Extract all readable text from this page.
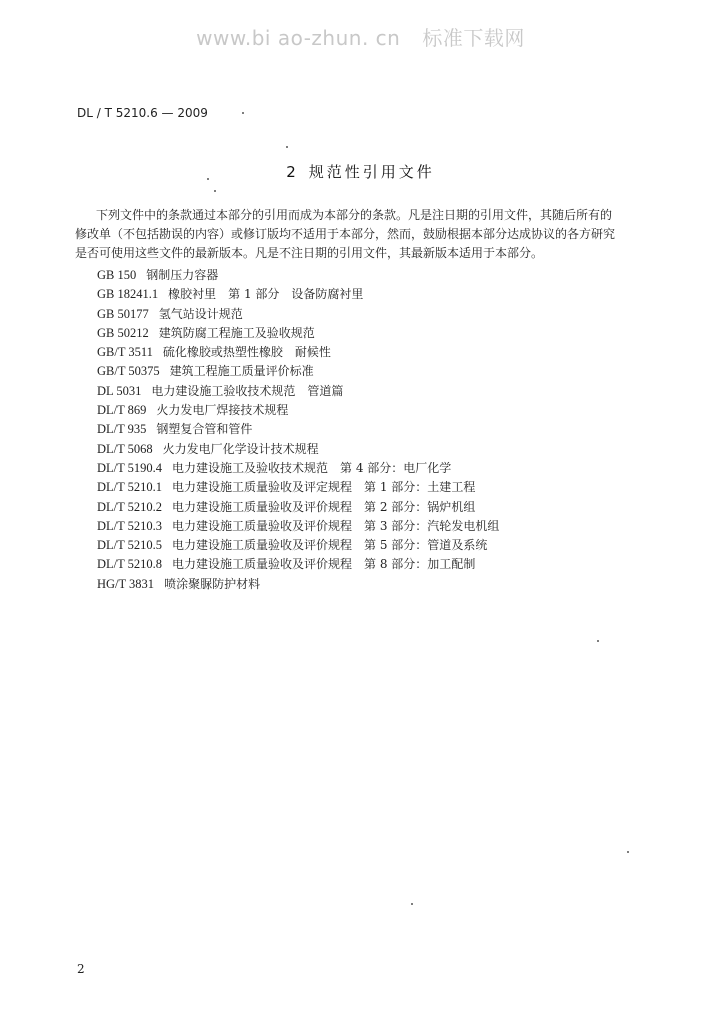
www.bi ao-zhun. cn 标准下载网
DL / T 5210.6 — 2009
2 规范性引用文件
下列文件中的条款通过本部分的引用而成为本部分的条款。凡是注日期的引用文件，其随后所有的
修改单（不包括勘误的内容）或修订版均不适用于本部分，然而，鼓励根据本部分达成协议的各方研究
是否可使用这些文件的最新版本。凡是不注日期的引用文件，其最新版本适用于本部分。
GB 150 钢制压力容器
GB 18241.1 橡胶衬里　第 1 部分　设备防腐衬里
GB 50177 氢气站设计规范
GB 50212 建筑防腐工程施工及验收规范
GB/T 3511 硫化橡胶或热塑性橡胶　耐候性
GB/T 50375 建筑工程施工质量评价标准
DL 5031 电力建设施工验收技术规范　管道篇
DL/T 869 火力发电厂焊接技术规程
DL/T 935 钢塑复合管和管件
DL/T 5068 火力发电厂化学设计技术规程
DL/T 5190.4 电力建设施工及验收技术规范　第 4 部分：电厂化学
DL/T 5210.1 电力建设施工质量验收及评定规程　第 1 部分：土建工程
DL/T 5210.2 电力建设施工质量验收及评价规程　第 2 部分：锅炉机组
DL/T 5210.3 电力建设施工质量验收及评价规程　第 3 部分：汽轮发电机组
DL/T 5210.5 电力建设施工质量验收及评价规程　第 5 部分：管道及系统
DL/T 5210.8 电力建设施工质量验收及评价规程　第 8 部分：加工配制
HG/T 3831 喷涂聚脲防护材料
2
